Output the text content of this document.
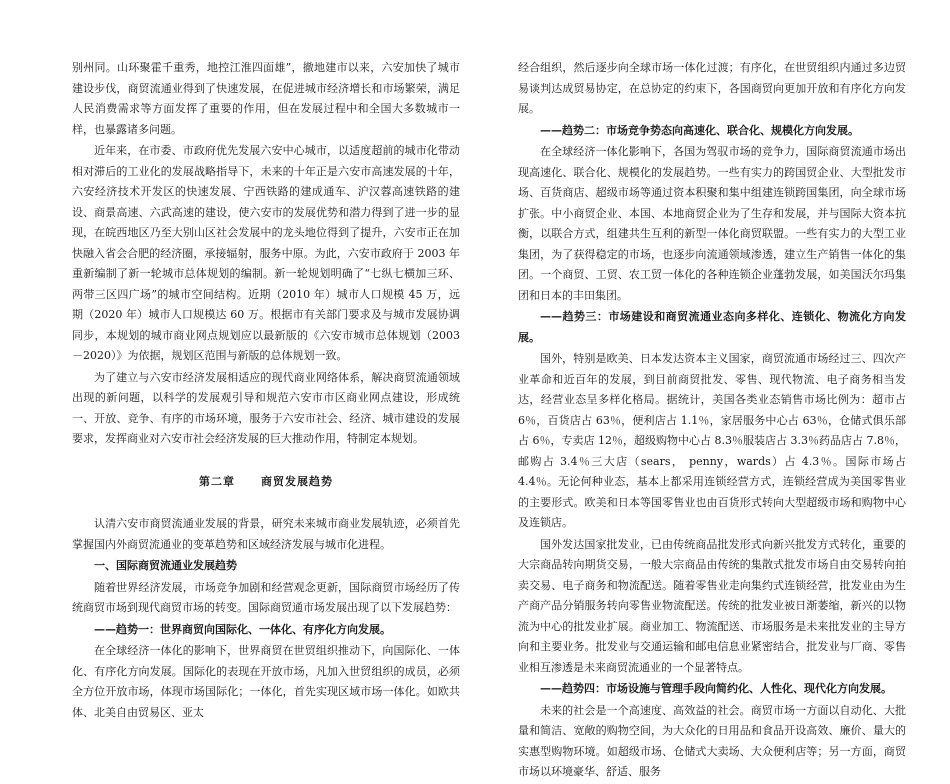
别州同。山环聚霍千重秀，地控江淮四面雄”，撤地建市以来，六安加快了城市建设步伐，商贸流通业得到了快速发展，在促进城市经济增长和市场繁荣，满足人民消费需求等方面发挥了重要的作用，但在发展过程中和全国大多数城市一样，也暴露诸多问题。

近年来，在市委、市政府优先发展六安中心城市，以适度超前的城市化带动相对滞后的工业化的发展战略指导下，未来的十年正是六安市高速发展的十年，六安经济技术开发区的快速发展、宁西铁路的建成通车、沪汉蓉高速铁路的建设、商景高速、六武高速的建设，使六安市的发展优势和潜力得到了进一步的显现，在皖西地区乃至大别山区社会发展中的龙头地位得到了提升，六安市正在加快融入省会合肥的经济圈，承接辐射，服务中原。为此，六安市政府于 2003 年重新编制了新一轮城市总体规划的编制。新一轮规划明确了“七纵七横加三环、两带三区四广场”的城市空间结构。近期（2010 年）城市人口规模 45 万，远期（2020 年）城市人口规模达 60 万。根据市有关部门要求及与城市发展协调同步，本规划的城市商业网点规划应以最新版的《六安市城市总体规划（2003－2020）》为依据，规划区范围与新版的总体规划一致。

为了建立与六安市经济发展相适应的现代商业网络体系，解决商贸流通领域出现的新问题，以科学的发展观引导和规范六安市市区商业网点建设，形成统一、开放、竞争、有序的市场环境，服务于六安市社会、经济、城市建设的发展要求，发挥商业对六安市社会经济发展的巨大推动作用，特制定本规划。

第二章 商贸发展趋势

认清六安市商贸流通业发展的背景，研究未来城市商业发展轨迹，必须首先掌握国内外商贸流通业的变革趋势和区域经济发展与城市化进程。

一、国际商贸流通业发展趋势

随着世界经济发展，市场竞争加剧和经营观念更新，国际商贸市场经历了传统商贸市场到现代商贸市场的转变。国际商贸通市场发展出现了以下发展趋势：

——趋势一：世界商贸向国际化、一体化、有序化方向发展。

在全球经济一体化的影响下，世界商贸在世贸组织推动下，向国际化、一体化、有序化方向发展。国际化的表现在开放市场，凡加入世贸组织的成员，必须全方位开放市场，体现市场国际化；一体化，首先实现区域市场一体化。如欧共体、北美自由贸易区、亚太

经合组织，然后逐步向全球市场一体化过渡；有序化，在世贸组织内通过多边贸易谈判达成贸易协定，在总协定的约束下，各国商贸向更加开放和有序化方向发展。

——趋势二：市场竞争势态向高速化、联合化、规模化方向发展。

在全球经济一体化影响下，各国为驾驭市场的竞争力，国际商贸流通市场出现高速化、联合化、规模化的发展趋势。一些有实力的跨国贸企业、大型批发市场、百货商店、超级市场等通过资本积聚和集中组建连锁跨国集团，向全球市场扩张。中小商贸企业、本国、本地商贸企业为了生存和发展，并与国际大资本抗衡，以联合方式，组建共生互利的新型一体化商贸联盟。一些有实力的大型工业集团，为了获得稳定的市场，也逐步向流通领域渗透，建立生产销售一体化的集团。一个商贸、工贸、农工贸一体化的各种连锁企业蓬勃发展，如美国沃尔玛集团和日本的丰田集团。

——趋势三：市场建设和商贸流通业态向多样化、连锁化、物流化方向发展。

国外，特别是欧美、日本发达资本主义国家，商贸流通市场经过三、四次产业革命和近百年的发展，到目前商贸批发、零售、现代物流、电子商务相当发达，经营业态呈多样化格局。据统计，美国各类业态销售市场比例为：超市占 6％，百货店占 63％，便利店占 1.1％，家居服务中心占 63％，仓储式俱乐部占 6％，专卖店 12％，超级购物中心占 8.3％服装店占 3.3％药品店占 7.8％，邮购占 3.4％三大店（sears， penny，wards）占 4.3％。国际市场占 4.4％。无论何种业态，基本上都采用连锁经营方式，连锁经营成为美国零售业的主要形式。欧美和日本等国零售业也由百货形式转向大型超级市场和购物中心及连锁店。

国外发达国家批发业，已由传统商品批发形式向新兴批发方式转化，重要的大宗商品转向期货交易，一般大宗商品由传统的集散式批发市场自由交易转向拍卖交易、电子商务和物流配送。随着零售业走向集约式连锁经营，批发业由为生产商产品分销服务转向零售业物流配送。传统的批发业被日渐萎缩，新兴的以物流为中心的批发业扩展。商业加工、物流配送、市场服务是未来批发业的主导方向和主要业务。批发业与交通运输和邮电信息业紧密结合，批发业与厂商、零售业相互渗透是未来商贸流通业的一个显著特点。

——趋势四：市场设施与管理手段向简约化、人性化、现代化方向发展。

未来的社会是一个高速度、高效益的社会。商贸市场一方面以自动化、大批量和简洁、宽敞的购物空间，为大众化的日用品和食品开设高效、廉价、量大的实惠型购物环境。如超级市场、仓储式大卖场、大众便利店等；另一方面，商贸市场以环境豪华、舒适、服务
